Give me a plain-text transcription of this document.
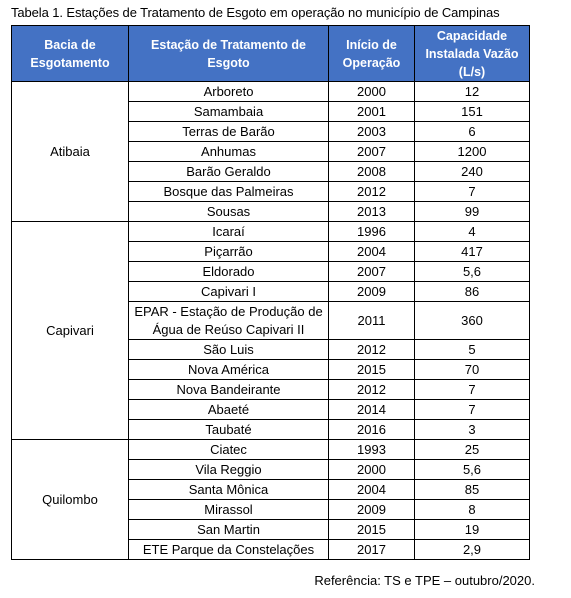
Tabela 1. Estações de Tratamento de Esgoto em operação no município de Campinas
Bacia de Esgotamento	Estação de Tratamento de Esgoto	Início de Operação	Capacidade Instalada Vazão (L/s)
Atibaia	Arboreto	2000	12
	Samambaia	2001	151
	Terras de Barão	2003	6
	Anhumas	2007	1200
	Barão Geraldo	2008	240
	Bosque das Palmeiras	2012	7
	Sousas	2013	99
Capivari	Icaraí	1996	4
	Piçarrão	2004	417
	Eldorado	2007	5,6
	Capivari I	2009	86
	EPAR - Estação de Produção de Água de Reúso Capivari II	2011	360
	São Luis	2012	5
	Nova América	2015	70
	Nova Bandeirante	2012	7
	Abaeté	2014	7
	Taubaté	2016	3
Quilombo	Ciatec	1993	25
	Vila Reggio	2000	5,6
	Santa Mônica	2004	85
	Mirassol	2009	8
	San Martin	2015	19
	ETE Parque da Constelações	2017	2,9
Referência: TS e TPE – outubro/2020.
